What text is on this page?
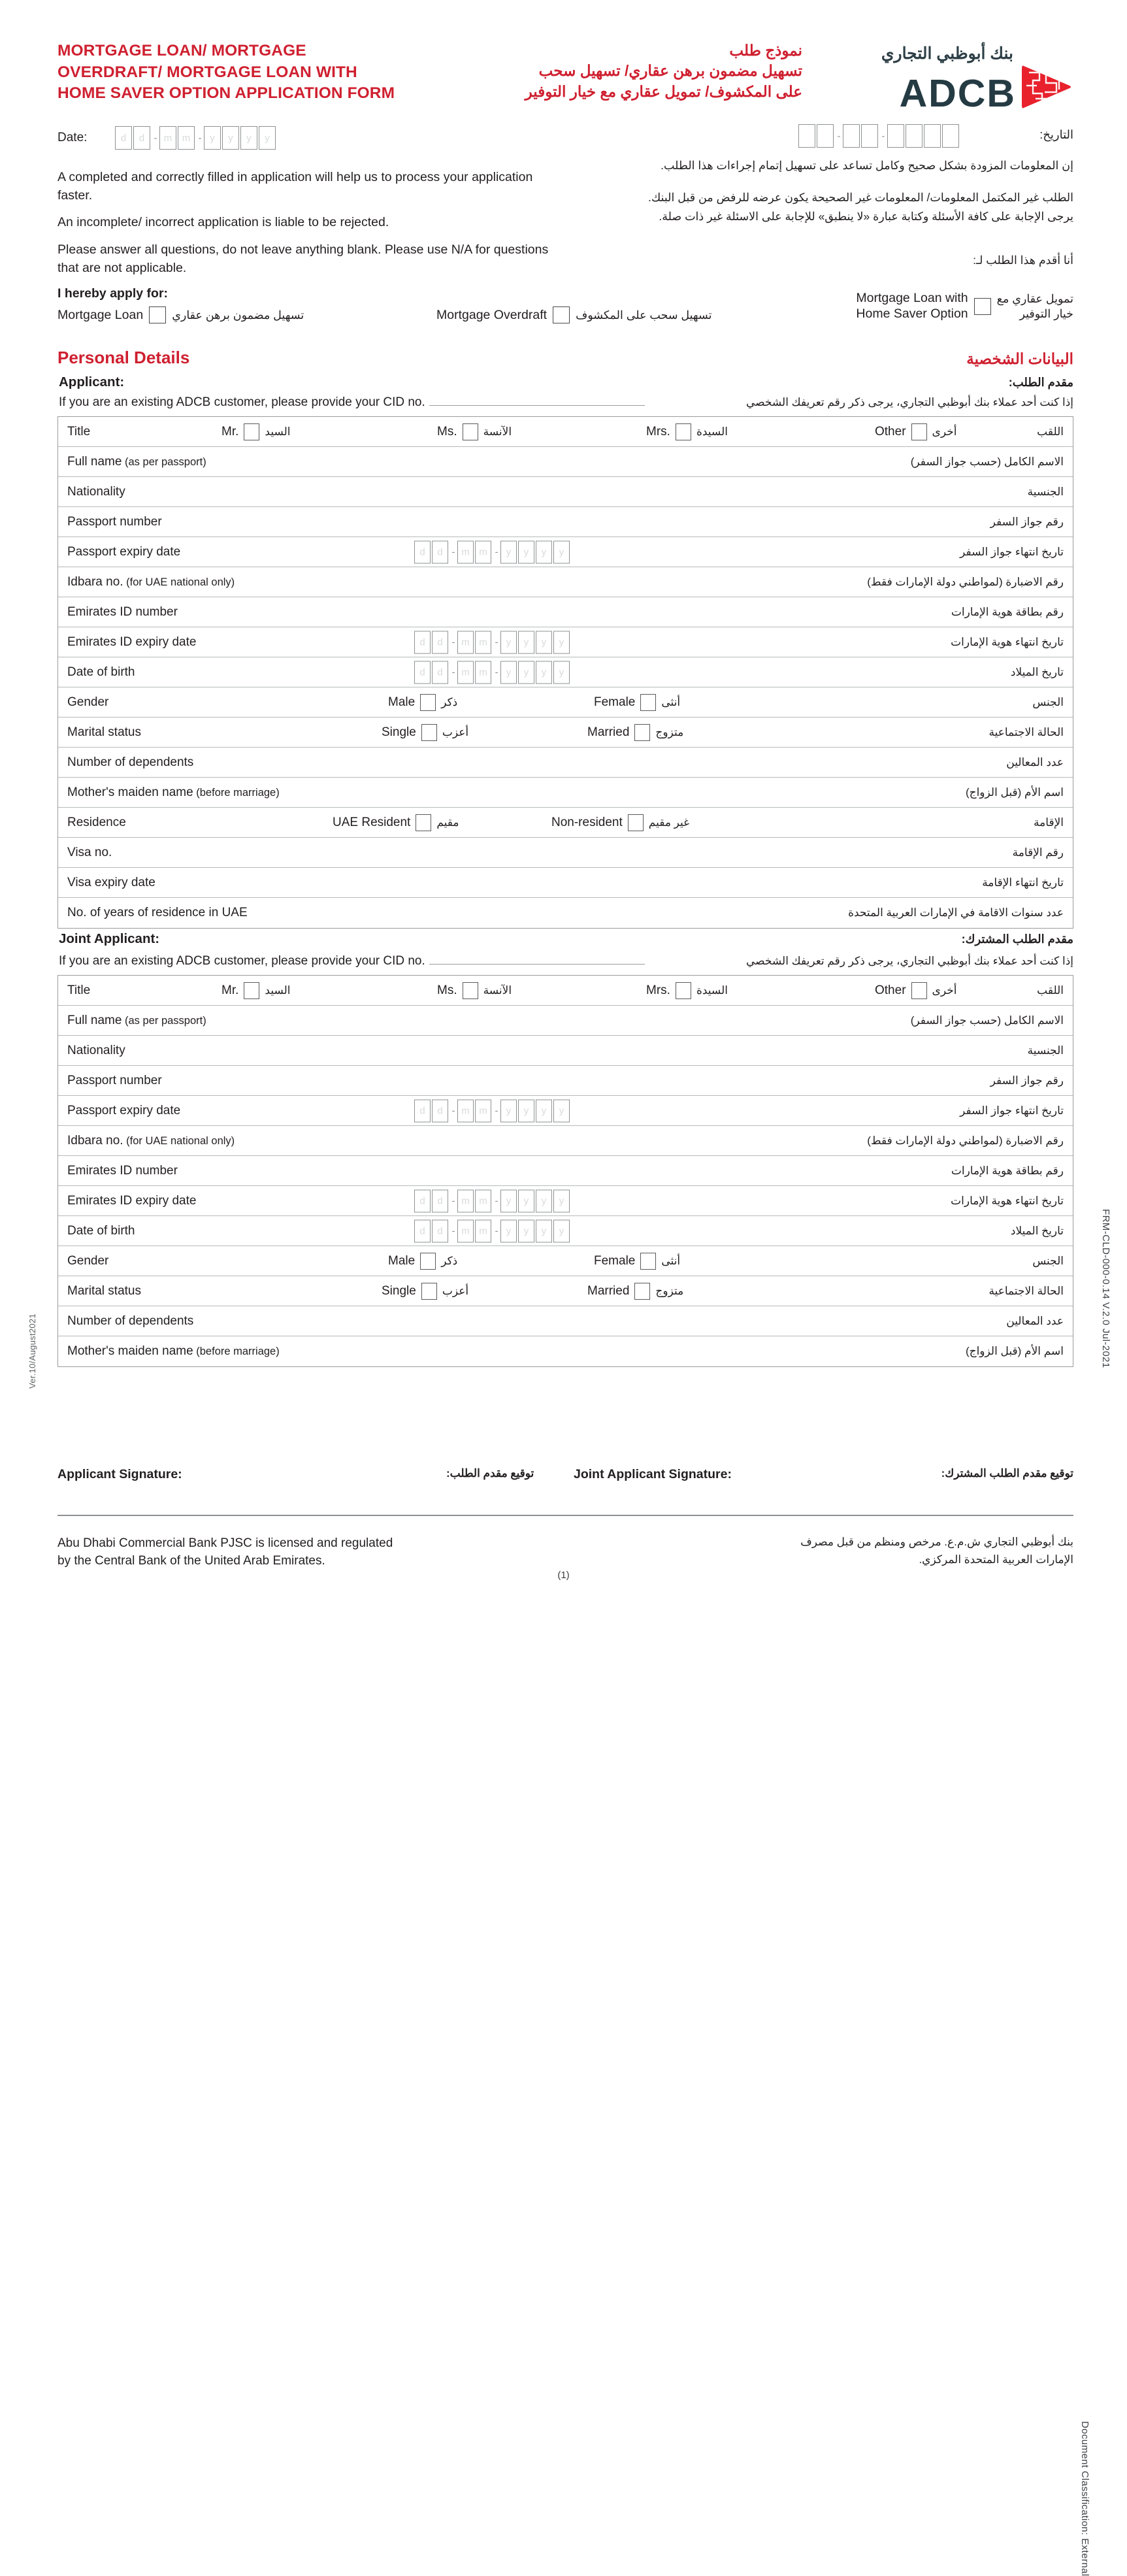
MORTGAGE LOAN/ MORTGAGE
OVERDRAFT/ MORTGAGE LOAN WITH
HOME SAVER OPTION APPLICATION FORM
نموذج طلب
تسهيل مضمون برهن عقاري/ تسهيل سحب
على المكشوف/ تمويل عقاري مع خيار التوفير
بنك أبوظبي التجاري
ADCB
Date:	d	d - m	m - y	y	y	y	التاريخ:
-	-

A completed and correctly filled in application will help us to process your application faster.

An incomplete/ incorrect application is liable to be rejected.

Please answer all questions, do not leave anything blank. Please use N/A for questions that are not applicable.

I hereby apply for:

إن المعلومات المزودة بشكل صحيح وكامل تساعد على تسهيل إتمام إجراءات هذا الطلب.

الطلب غير المكتمل المعلومات/ المعلومات غير الصحيحة يكون عرضه للرفض من قبل البنك.

يرجى الإجابة على كافة الأسئلة وكتابة عبارة «لا ينطبق» للإجابة على الاسئلة غير ذات صلة.

أنا أقدم هذا الطلب لـ:
Mortgage Loan	تسهيل مضمون برهن عقاري	Mortgage Overdraft	تسهيل سحب على المكشوف
Mortgage Loan with
Home Saver Option
تمويل عقاري مع
خيار التوفير
Personal Details	البيانات الشخصية
Applicant:	مقدم الطلب:
If you are an existing ADCB customer, please provide your CID no.	إذا كنت أحد عملاء بنك أبوظبي التجاري، يرجى ذكر رقم تعريفك الشخصي
Title	اللقب
Mr. السيد	Ms. الآنسة	Mrs. السيدة	Other أخرى
Full name (as per passport)	الاسم الكامل (حسب جواز السفر)
Nationality	الجنسية
Passport number	رقم جواز السفر
Passport expiry date	تاريخ انتهاء جواز السفر
d	d - m m - y	y	y	y
Idbara no. (for UAE national only)	رقم الاضبارة (لمواطني دولة الإمارات فقط)
Emirates ID number	رقم بطاقة هوية الإمارات
Emirates ID expiry date	تاريخ انتهاء هوية الإمارات
d	d - m m - y	y	y	y
Date of birth	تاريخ الميلاد
d	d - m m - y	y	y	y
Gender	الجنس
Male ذكر	Female أنثى
Marital status	الحالة الاجتماعية
Single أعزب	Married متزوج
Number of dependents	عدد المعالين
Mother's maiden name (before marriage)	اسم الأم (قبل الزواج)
Residence	الإقامة
UAE Resident مقيم	Non-resident غير مقيم
Visa no.	رقم الإقامة
Visa expiry date	تاريخ انتهاء الإقامة
No. of years of residence in UAE	عدد سنوات الاقامة في الإمارات العربية المتحدة
Joint Applicant:	مقدم الطلب المشترك:
If you are an existing ADCB customer, please provide your CID no.	إذا كنت أحد عملاء بنك أبوظبي التجاري، يرجى ذكر رقم تعريفك الشخصي
Title	اللقب
Mr. السيد	Ms. الآنسة	Mrs. السيدة	Other أخرى
Full name (as per passport)	الاسم الكامل (حسب جواز السفر)
Nationality	الجنسية
Passport number	رقم جواز السفر
Passport expiry date	تاريخ انتهاء جواز السفر
d	d - m m - y	y	y	y
Idbara no. (for UAE national only)	رقم الاضبارة (لمواطني دولة الإمارات فقط)
Emirates ID number	رقم بطاقة هوية الإمارات
Emirates ID expiry date	تاريخ انتهاء هوية الإمارات
d	d - m m - y	y	y	y
Date of birth	تاريخ الميلاد
d	d - m m - y	y	y	y
Gender	الجنس
Male ذكر	Female أنثى
Marital status	الحالة الاجتماعية
Single أعزب	Married متزوج
Number of dependents	عدد المعالين
Mother's maiden name (before marriage)	اسم الأم (قبل الزواج)
Applicant Signature:	توقيع مقدم الطلب:	Joint Applicant Signature:	توقيع مقدم الطلب المشترك:
Abu Dhabi Commercial Bank PJSC is licensed and regulated
by the Central Bank of the United Arab Emirates.
بنك أبوظبي التجاري ش.م.ع. مرخص ومنظم من قبل مصرف
الإمارات العربية المتحدة المركزي.
(1)
Ver.10/August2021
Document Classification: External
FRM-CLD-000-0.14 V.2.0 Jul-2021
